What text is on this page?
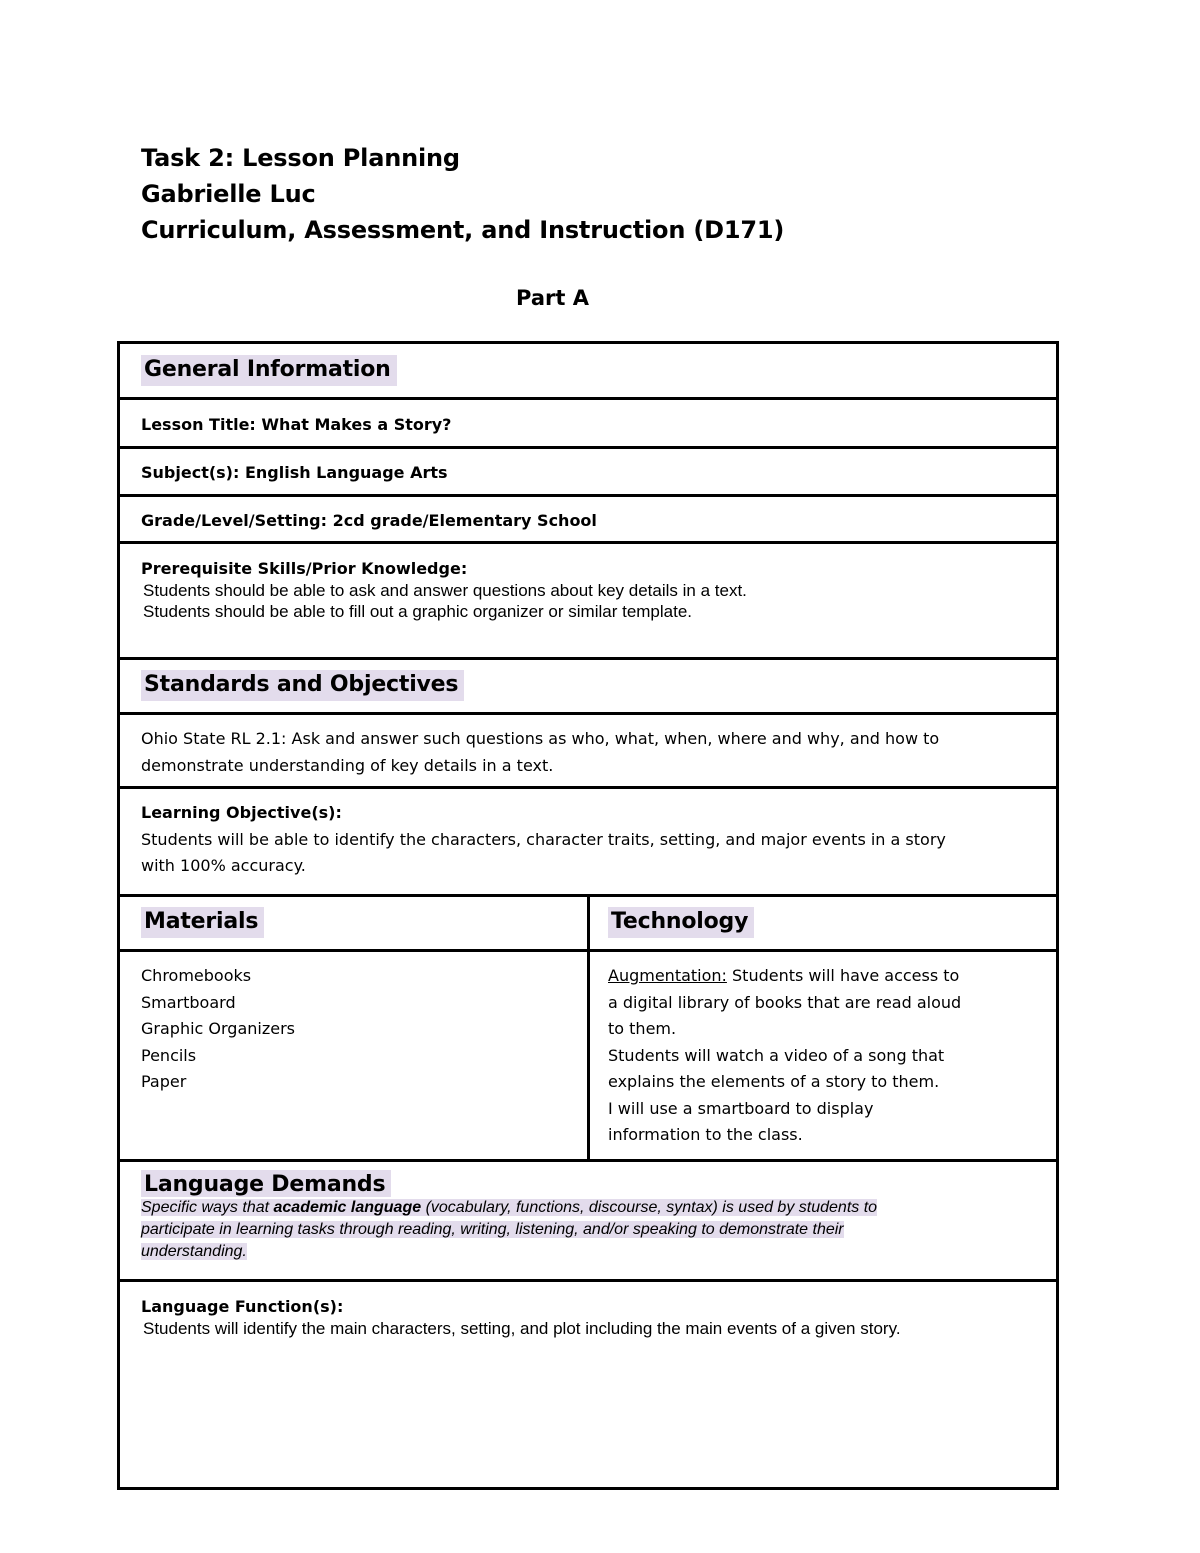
Task 2: Lesson Planning
Gabrielle Luc
Curriculum, Assessment, and Instruction (D171)
Part A
General Information
Lesson Title: What Makes a Story?
Subject(s): English Language Arts
Grade/Level/Setting: 2cd grade/Elementary School
Prerequisite Skills/Prior Knowledge:
Students should be able to ask and answer questions about key details in a text.
Students should be able to fill out a graphic organizer or similar template.
Standards and Objectives
Ohio State RL 2.1: Ask and answer such questions as who, what, when, where and why, and how to
demonstrate understanding of key details in a text.
Learning Objective(s):
Students will be able to identify the characters, character traits, setting, and major events in a story
with 100% accuracy.
Materials	Technology
Chromebooks
Smartboard
Graphic Organizers
Pencils
Paper
Augmentation: Students will have access to
a digital library of books that are read aloud
to them.
Students will watch a video of a song that
explains the elements of a story to them.
I will use a smartboard to display
information to the class.
Language Demands
Specific ways that academic language (vocabulary, functions, discourse, syntax) is used by students to
participate in learning tasks through reading, writing, listening, and/or speaking to demonstrate their
understanding.
Language Function(s):
Students will identify the main characters, setting, and plot including the main events of a given story.
